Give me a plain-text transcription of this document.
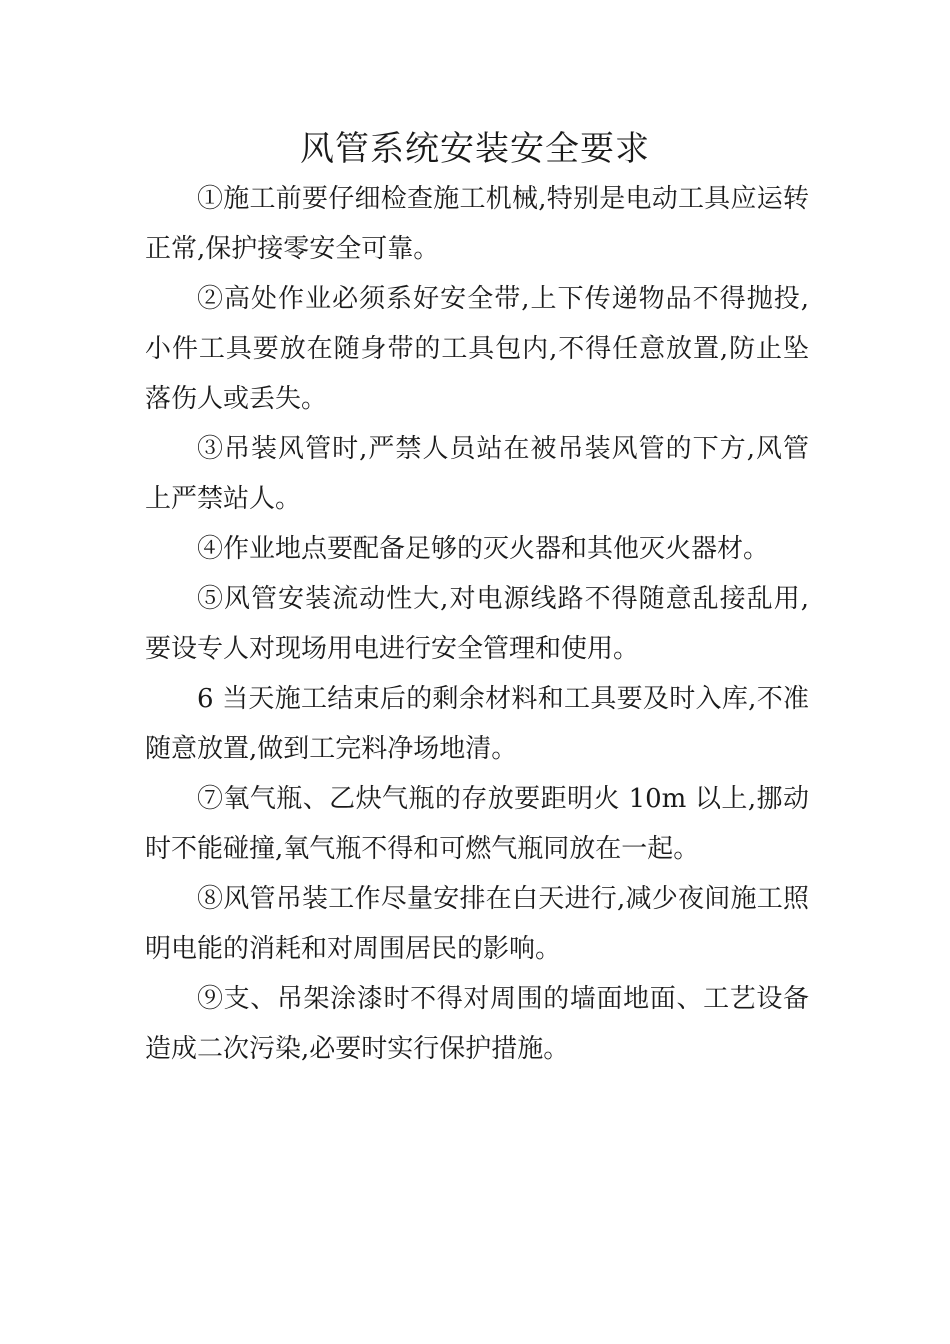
风管系统安装安全要求

①施工前要仔细检查施工机械,特别是电动工具应运转正常,保护接零安全可靠。

②高处作业必须系好安全带,上下传递物品不得抛投,小件工具要放在随身带的工具包内,不得任意放置,防止坠落伤人或丢失。

③吊装风管时,严禁人员站在被吊装风管的下方,风管上严禁站人。

④作业地点要配备足够的灭火器和其他灭火器材。

⑤风管安装流动性大,对电源线路不得随意乱接乱用,要设专人对现场用电进行安全管理和使用。

6 当天施工结束后的剩余材料和工具要及时入库,不准随意放置,做到工完料净场地清。

⑦氧气瓶、乙炔气瓶的存放要距明火 10m 以上,挪动时不能碰撞,氧气瓶不得和可燃气瓶同放在一起。

⑧风管吊装工作尽量安排在白天进行,减少夜间施工照明电能的消耗和对周围居民的影响。

⑨支、吊架涂漆时不得对周围的墙面地面、工艺设备造成二次污染,必要时实行保护措施。
